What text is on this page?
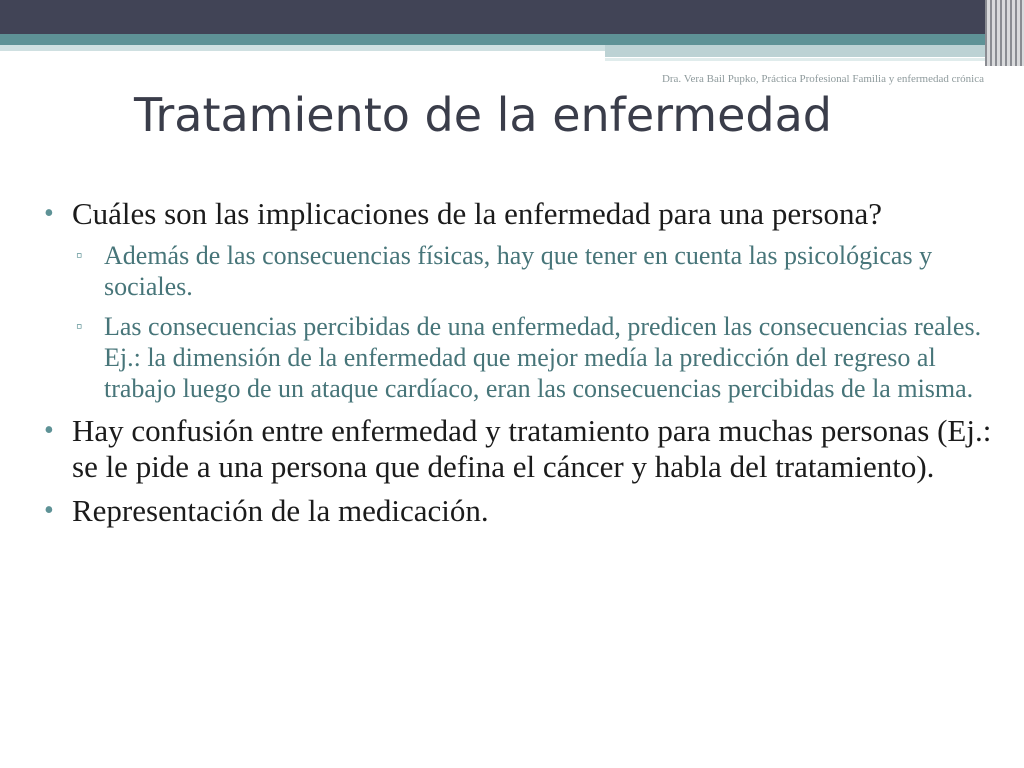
Dra. Vera Bail Pupko, Práctica Profesional Familia y enfermedad crónica

Tratamiento de la enfermedad
• Cuáles son las implicaciones de la enfermedad para una persona?
▫ Además de las consecuencias físicas, hay que tener en cuenta las psicológicas y sociales.
▫ Las consecuencias percibidas de una enfermedad, predicen las consecuencias reales. Ej.: la dimensión de la enfermedad que mejor medía la predicción del regreso al trabajo luego de un ataque cardíaco, eran las consecuencias percibidas de la misma.
• Hay confusión entre enfermedad y tratamiento para muchas personas (Ej.: se le pide a una persona que defina el cáncer y habla del tratamiento).
• Representación de la medicación.
